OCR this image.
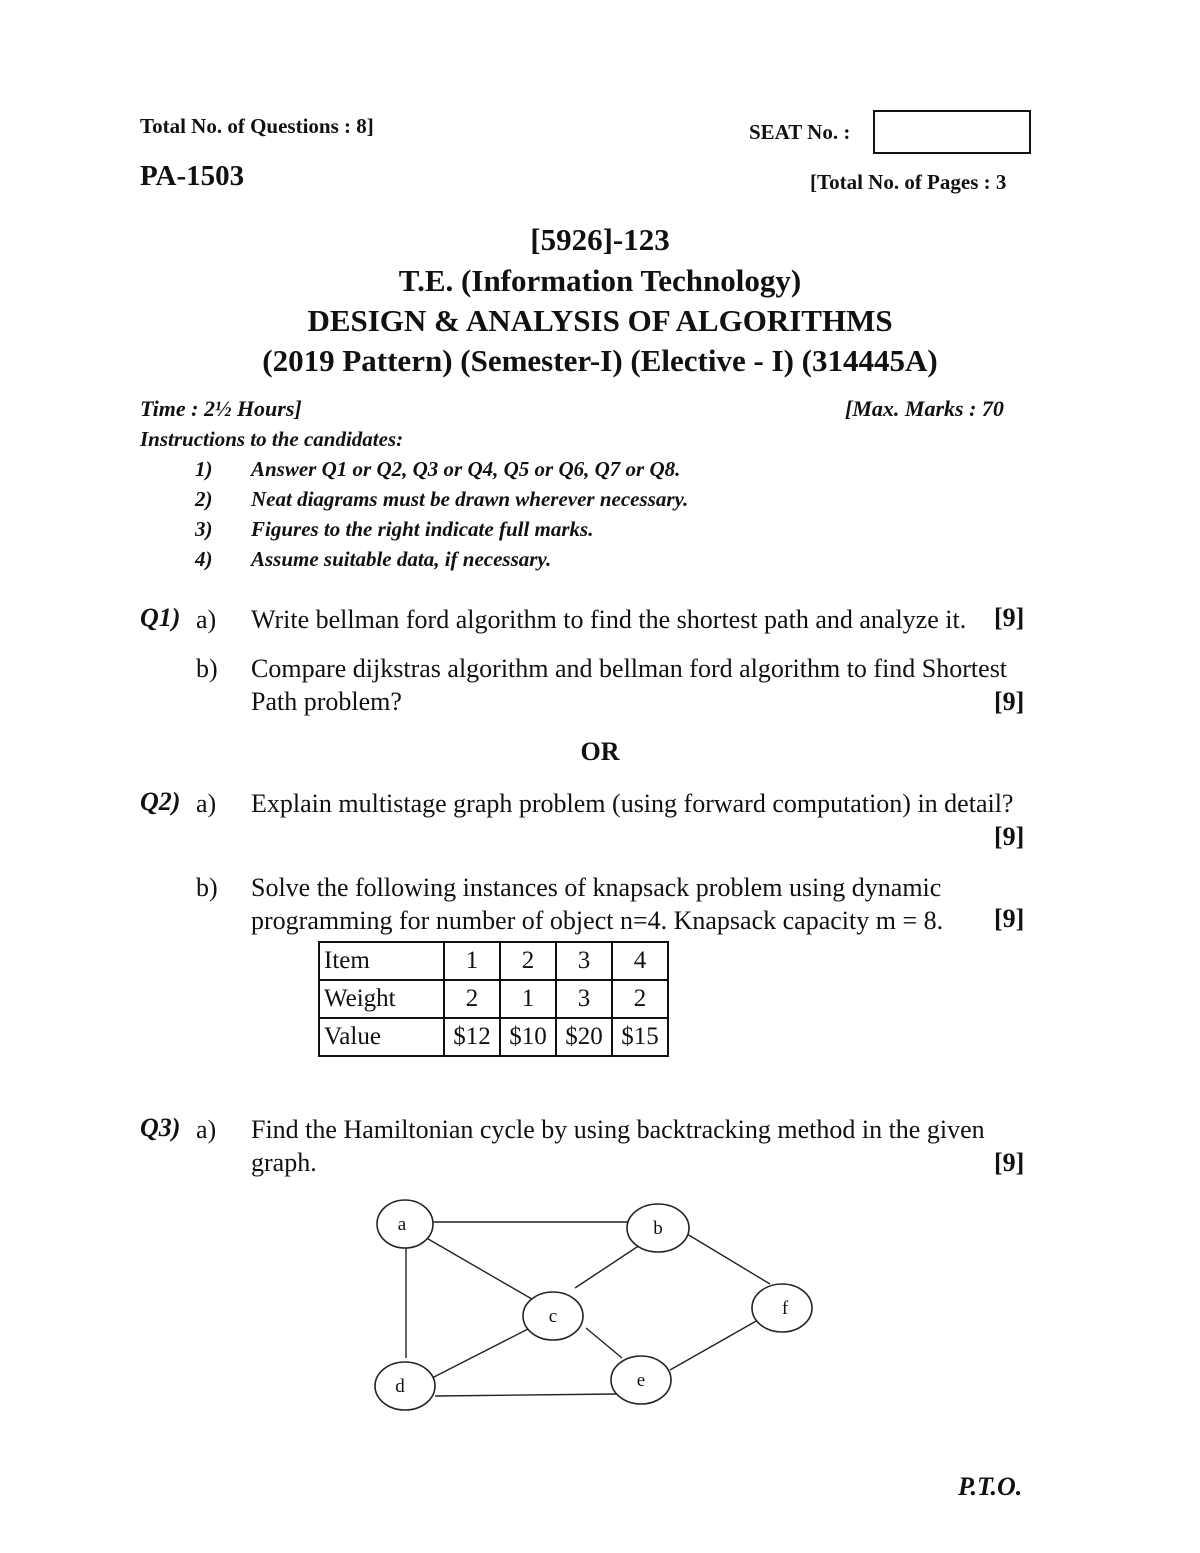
Total No. of Questions : 8]	SEAT No. :
PA-1503	[Total No. of Pages : 3
[5926]-123
T.E. (Information Technology)
DESIGN & ANALYSIS OF ALGORITHMS
(2019 Pattern) (Semester-I) (Elective - I) (314445A)
Time : 2½ Hours]	[Max. Marks : 70
Instructions to the candidates:
1) Answer Q1 or Q2, Q3 or Q4, Q5 or Q6, Q7 or Q8.
2) Neat diagrams must be drawn wherever necessary.
3) Figures to the right indicate full marks.
4) Assume suitable data, if necessary.
Q1) a) Write bellman ford algorithm to find the shortest path and analyze it. [9]
b) Compare dijkstras algorithm and bellman ford algorithm to find Shortest
Path problem?	[9]
OR
Q2) a) Explain multistage graph problem (using forward computation) in detail?
[9]
b) Solve the following instances of knapsack problem using dynamic
programming for number of object n=4. Knapsack capacity m = 8. [9]
Item	1	2	3	4
Weight	2	1	3	2
Value	$12	$10	$20	$15
Q3) a) Find the Hamiltonian cycle by using backtracking method in the given
graph.	[9]
a	b
c
d	e
f
P.T.O.
